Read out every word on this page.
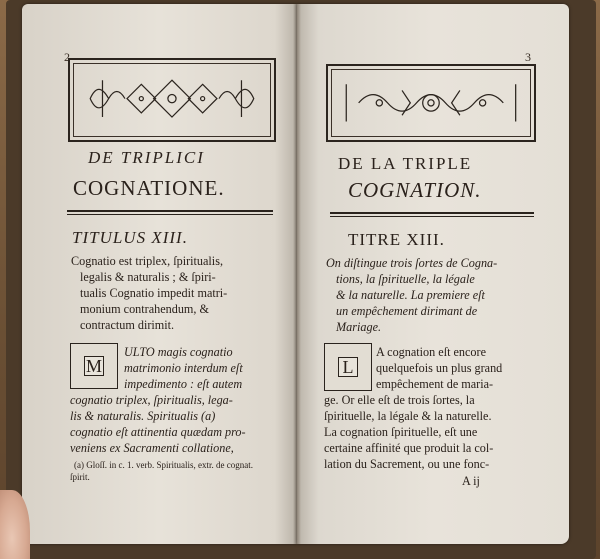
2
DE TRIPLICI
COGNATIONE.
TITULUS XIII.
Cognatio est triplex, ſpiritualis,
legalis & naturalis ; & ſpiri-
tualis Cognatio impedit matri-
monium contrahendum, &
contractum dirimit.
M
ULTO magis cognatio
matrimonio interdum eſt
impedimento : eſt autem
cognatio triplex, ſpiritualis, lega-
lis & naturalis. Spiritualis (a)
cognatio eſt attinentia quædam pro-
veniens ex Sacramenti collatione,
(a) Gloſſ. in c. 1. verb. Spiritualis, extr. de cognat.
ſpirit.
3
DE LA TRIPLE
COGNATION.
TITRE XIII.
On diſtingue trois ſortes de Cogna-
tions, la ſpirituelle, la légale
& la naturelle. La premiere eſt
un empêchement dirimant de
Mariage.
L
A cognation eſt encore
quelquefois un plus grand
empêchement de maria-
ge. Or elle eſt de trois ſortes, la
ſpirituelle, la légale & la naturelle.
La cognation ſpirituelle, eſt une
certaine affinité que produit la col-
lation du Sacrement, ou une fonc-
A ij
